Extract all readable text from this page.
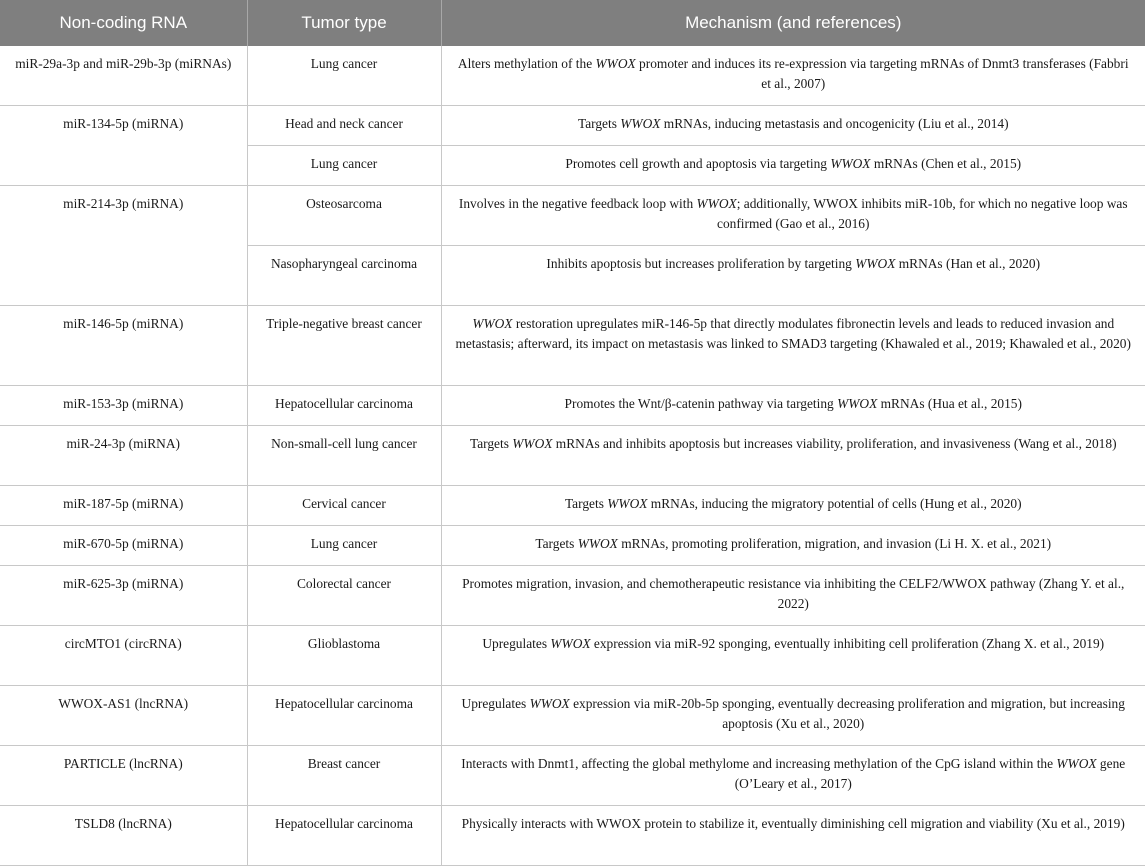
Non-coding RNA	Tumor type	Mechanism (and references)
miR-29a-3p and miR-29b-3p (miRNAs)	Lung cancer	Alters methylation of the WWOX promoter and induces its re-expression via targeting mRNAs of Dnmt3 transferases (Fabbri et al., 2007)
miR-134-5p (miRNA)	Head and neck cancer	Targets WWOX mRNAs, inducing metastasis and oncogenicity (Liu et al., 2014)
	Lung cancer	Promotes cell growth and apoptosis via targeting WWOX mRNAs (Chen et al., 2015)
miR-214-3p (miRNA)	Osteosarcoma	Involves in the negative feedback loop with WWOX; additionally, WWOX inhibits miR-10b, for which no negative loop was confirmed (Gao et al., 2016)
	Nasopharyngeal carcinoma	Inhibits apoptosis but increases proliferation by targeting WWOX mRNAs (Han et al., 2020)
miR-146-5p (miRNA)	Triple-negative breast cancer	WWOX restoration upregulates miR-146-5p that directly modulates fibronectin levels and leads to reduced invasion and metastasis; afterward, its impact on metastasis was linked to SMAD3 targeting (Khawaled et al., 2019; Khawaled et al., 2020)
miR-153-3p (miRNA)	Hepatocellular carcinoma	Promotes the Wnt/β-catenin pathway via targeting WWOX mRNAs (Hua et al., 2015)
miR-24-3p (miRNA)	Non-small-cell lung cancer	Targets WWOX mRNAs and inhibits apoptosis but increases viability, proliferation, and invasiveness (Wang et al., 2018)
miR-187-5p (miRNA)	Cervical cancer	Targets WWOX mRNAs, inducing the migratory potential of cells (Hung et al., 2020)
miR-670-5p (miRNA)	Lung cancer	Targets WWOX mRNAs, promoting proliferation, migration, and invasion (Li H. X. et al., 2021)
miR-625-3p (miRNA)	Colorectal cancer	Promotes migration, invasion, and chemotherapeutic resistance via inhibiting the CELF2/WWOX pathway (Zhang Y. et al., 2022)
circMTO1 (circRNA)	Glioblastoma	Upregulates WWOX expression via miR-92 sponging, eventually inhibiting cell proliferation (Zhang X. et al., 2019)
WWOX-AS1 (lncRNA)	Hepatocellular carcinoma	Upregulates WWOX expression via miR-20b-5p sponging, eventually decreasing proliferation and migration, but increasing apoptosis (Xu et al., 2020)
PARTICLE (lncRNA)	Breast cancer	Interacts with Dnmt1, affecting the global methylome and increasing methylation of the CpG island within the WWOX gene (O’Leary et al., 2017)
TSLD8 (lncRNA)	Hepatocellular carcinoma	Physically interacts with WWOX protein to stabilize it, eventually diminishing cell migration and viability (Xu et al., 2019)
